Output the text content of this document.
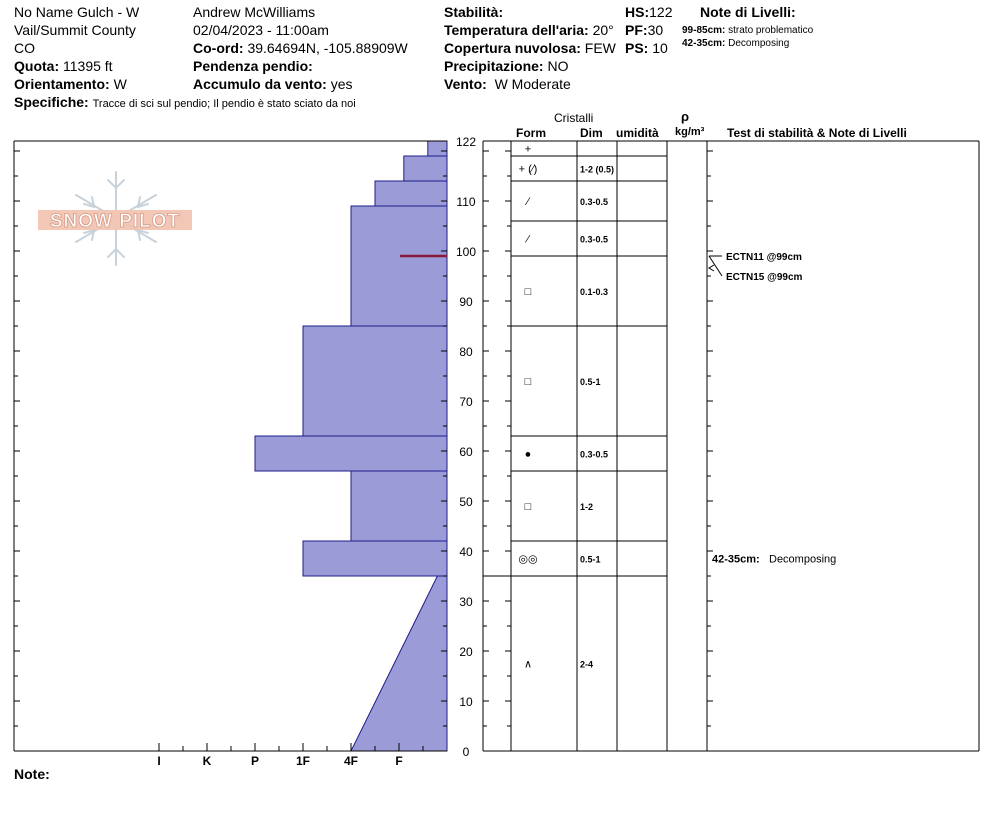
No Name Gulch - W
Vail/Summit County
CO
Quota: 11395 ft
Orientamento: W
Specifiche: Tracce di sci sul pendio; Il pendio è stato sciato da noi
Andrew McWilliams
02/04/2023 - 11:00am
Co-ord: 39.64694N, -105.88909W
Pendenza pendio:
Accumulo da vento: yes
Stabilità:
Temperatura dell'aria: 20°
Copertura nuvolosa: FEW
Precipitazione: NO
Vento: W Moderate
HS:122
PF:30
PS: 10
Note di Livelli:
99-85cm: strato problematico
42-35cm: Decomposing
Cristalli
Form	Dim umidità
ρ
kg/m³ Test di stabilità & Note di Livelli
Note:
SNOW PILOT
0
10
20
30
40
50
60
70
80
90
100
110
122
I	K	P	1F	4F	F
+
+ (⁄)	1-2 (0.5)
⁄	0.3-0.5
⁄	0.3-0.5
□	0.1-0.3
□	0.5-1
●	0.3-0.5
□	1-2
◎◎	0.5-1
∧	2-4
ECTN11 @99cm
ECTN15 @99cm
42-35cm: Decomposing
